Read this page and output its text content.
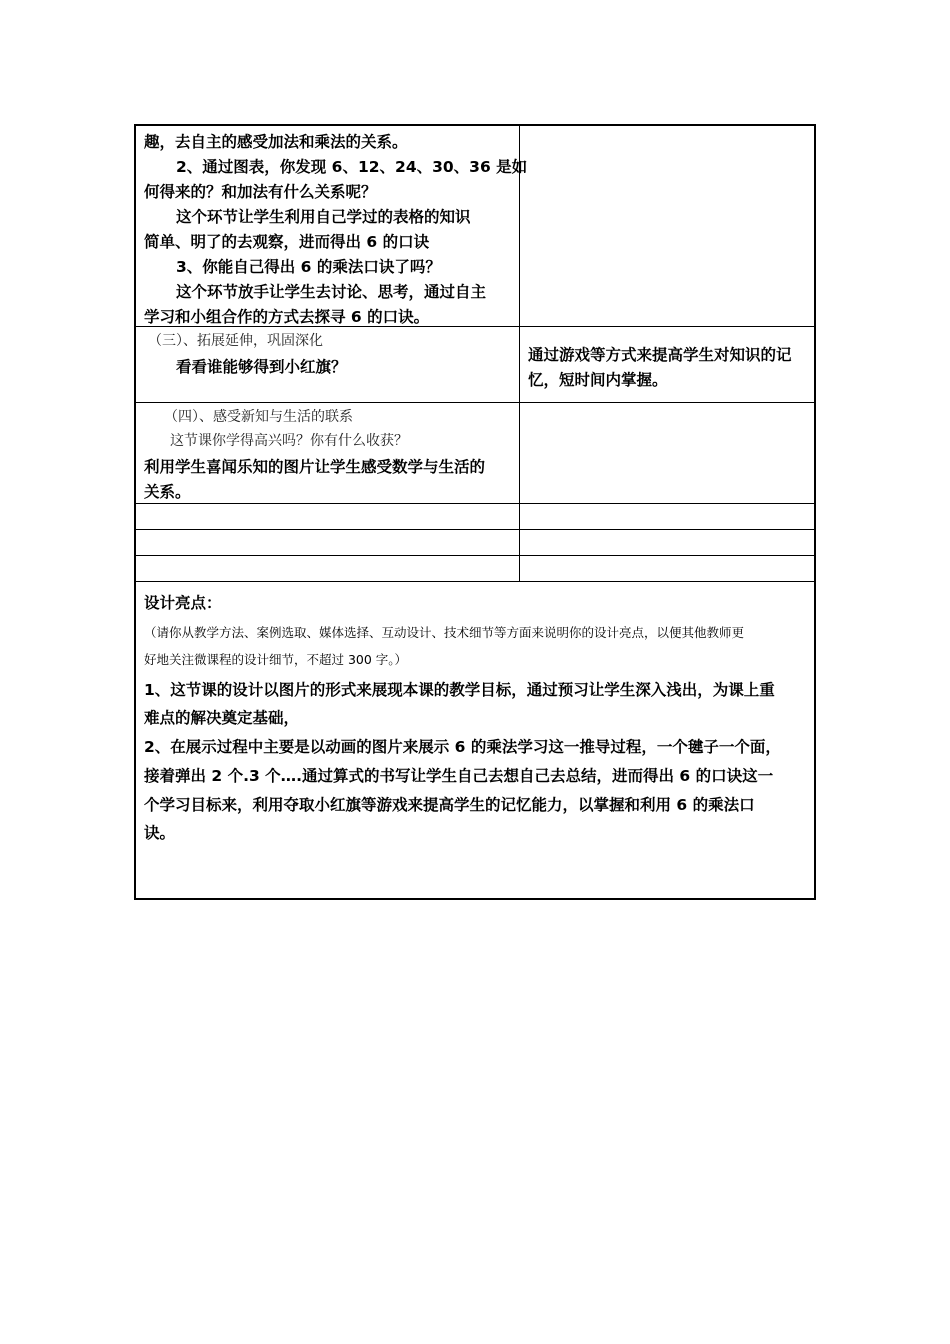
趣，去自主的感受加法和乘法的关系。
2、通过图表，你发现 6、12、24、30、36 是如
何得来的？和加法有什么关系呢？
这个环节让学生利用自己学过的表格的知识
简单、明了的去观察，进而得出 6 的口诀
3、你能自己得出 6 的乘法口诀了吗？
这个环节放手让学生去讨论、思考，通过自主
学习和小组合作的方式去探寻 6 的口诀。
（三）、拓展延伸，巩固深化
看看谁能够得到小红旗？
通过游戏等方式来提高学生对知识的记
忆，短时间内掌握。
（四）、感受新知与生活的联系
这节课你学得高兴吗？你有什么收获？
利用学生喜闻乐知的图片让学生感受数学与生活的
关系。
设计亮点：
（请你从教学方法、案例选取、媒体选择、互动设计、技术细节等方面来说明你的设计亮点，以便其他教师更
好地关注微课程的设计细节，不超过 300 字。）
1、这节课的设计以图片的形式来展现本课的教学目标，通过预习让学生深入浅出，为课上重
难点的解决奠定基础，
2、在展示过程中主要是以动画的图片来展示 6 的乘法学习这一推导过程，一个毽子一个面，
接着弹出 2 个.3 个….通过算式的书写让学生自己去想自己去总结，进而得出 6 的口诀这一
个学习目标来，利用夺取小红旗等游戏来提高学生的记忆能力，以掌握和利用 6 的乘法口
诀。
